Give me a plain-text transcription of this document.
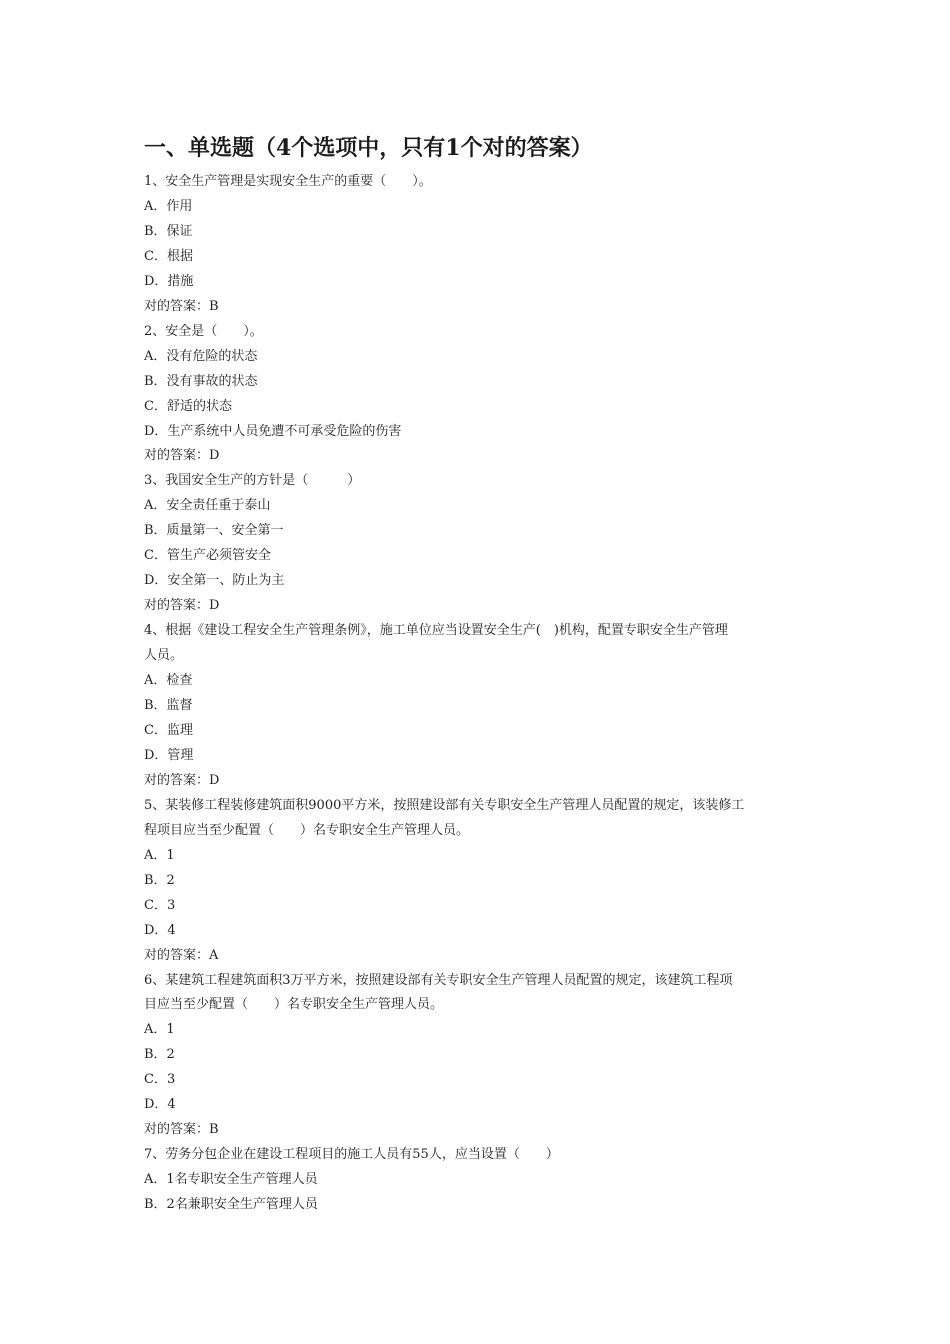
一、单选题（4个选项中，只有1个对的答案）

1、安全生产管理是实现安全生产的重要（　　）。

A．作用

B．保证

C．根据

D．措施

对的答案：B

2、安全是（　　）。

A．没有危险的状态

B．没有事故的状态

C．舒适的状态

D．生产系统中人员免遭不可承受危险的伤害

对的答案：D

3、我国安全生产的方针是（　　　）

A．安全责任重于泰山

B．质量第一、安全第一

C．管生产必须管安全

D．安全第一、防止为主

对的答案：D

4、根据《建设工程安全生产管理条例》，施工单位应当设置安全生产(　)机构，配置专职安全生产管理

人员。

A．检查

B．监督

C．监理

D．管理

对的答案：D

5、某装修工程装修建筑面积9000平方米，按照建设部有关专职安全生产管理人员配置的规定，该装修工

程项目应当至少配置（　　）名专职安全生产管理人员。

A．1

B．2

C．3

D．4

对的答案：A

6、某建筑工程建筑面积3万平方米，按照建设部有关专职安全生产管理人员配置的规定，该建筑工程项

目应当至少配置（　　）名专职安全生产管理人员。

A．1

B．2

C．3

D．4

对的答案：B

7、劳务分包企业在建设工程项目的施工人员有55人，应当设置（　　）

A．1名专职安全生产管理人员

B．2名兼职安全生产管理人员
